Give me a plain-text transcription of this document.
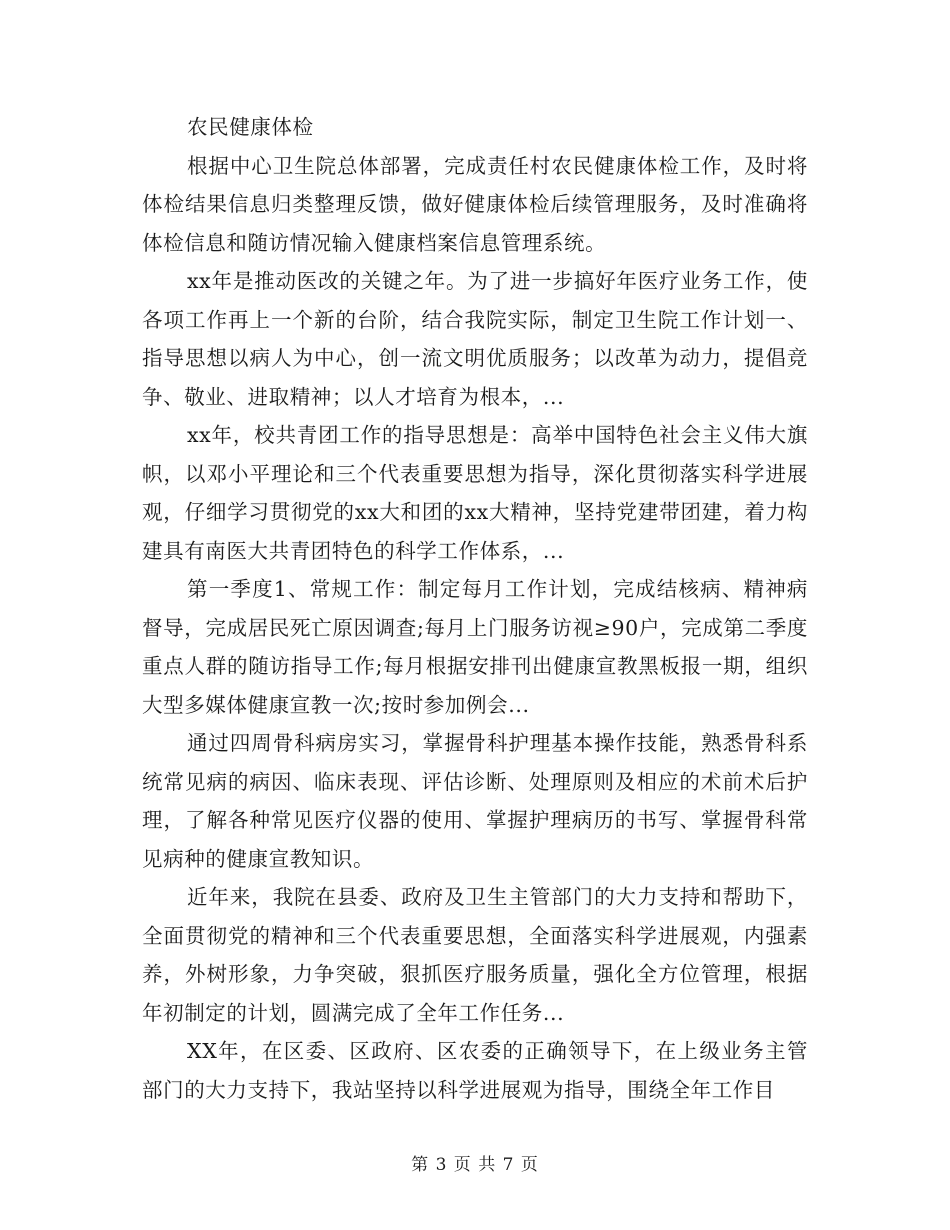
农民健康体检

根据中心卫生院总体部署，完成责任村农民健康体检工作，及时将体检结果信息归类整理反馈，做好健康体检后续管理服务，及时准确将体检信息和随访情况输入健康档案信息管理系统。

xx年是推动医改的关键之年。为了进一步搞好年医疗业务工作，使各项工作再上一个新的台阶，结合我院实际，制定卫生院工作计划一、指导思想以病人为中心，创一流文明优质服务；以改革为动力，提倡竞争、敬业、进取精神；以人才培育为根本，...

xx年，校共青团工作的指导思想是：高举中国特色社会主义伟大旗帜，以邓小平理论和三个代表重要思想为指导，深化贯彻落实科学进展观，仔细学习贯彻党的xx大和团的xx大精神，坚持党建带团建，着力构建具有南医大共青团特色的科学工作体系，...

第一季度1、常规工作：制定每月工作计划，完成结核病、精神病督导，完成居民死亡原因调查;每月上门服务访视≥90户，完成第二季度重点人群的随访指导工作;每月根据安排刊出健康宣教黑板报一期，组织大型多媒体健康宣教一次;按时参加例会...

通过四周骨科病房实习，掌握骨科护理基本操作技能，熟悉骨科系统常见病的病因、临床表现、评估诊断、处理原则及相应的术前术后护理，了解各种常见医疗仪器的使用、掌握护理病历的书写、掌握骨科常见病种的健康宣教知识。

近年来，我院在县委、政府及卫生主管部门的大力支持和帮助下，全面贯彻党的精神和三个代表重要思想，全面落实科学进展观，内强素养，外树形象，力争突破，狠抓医疗服务质量，强化全方位管理，根据年初制定的计划，圆满完成了全年工作任务...

XX年，在区委、区政府、区农委的正确领导下，在上级业务主管部门的大力支持下，我站坚持以科学进展观为指导，围绕全年工作目

第 3 页 共 7 页
